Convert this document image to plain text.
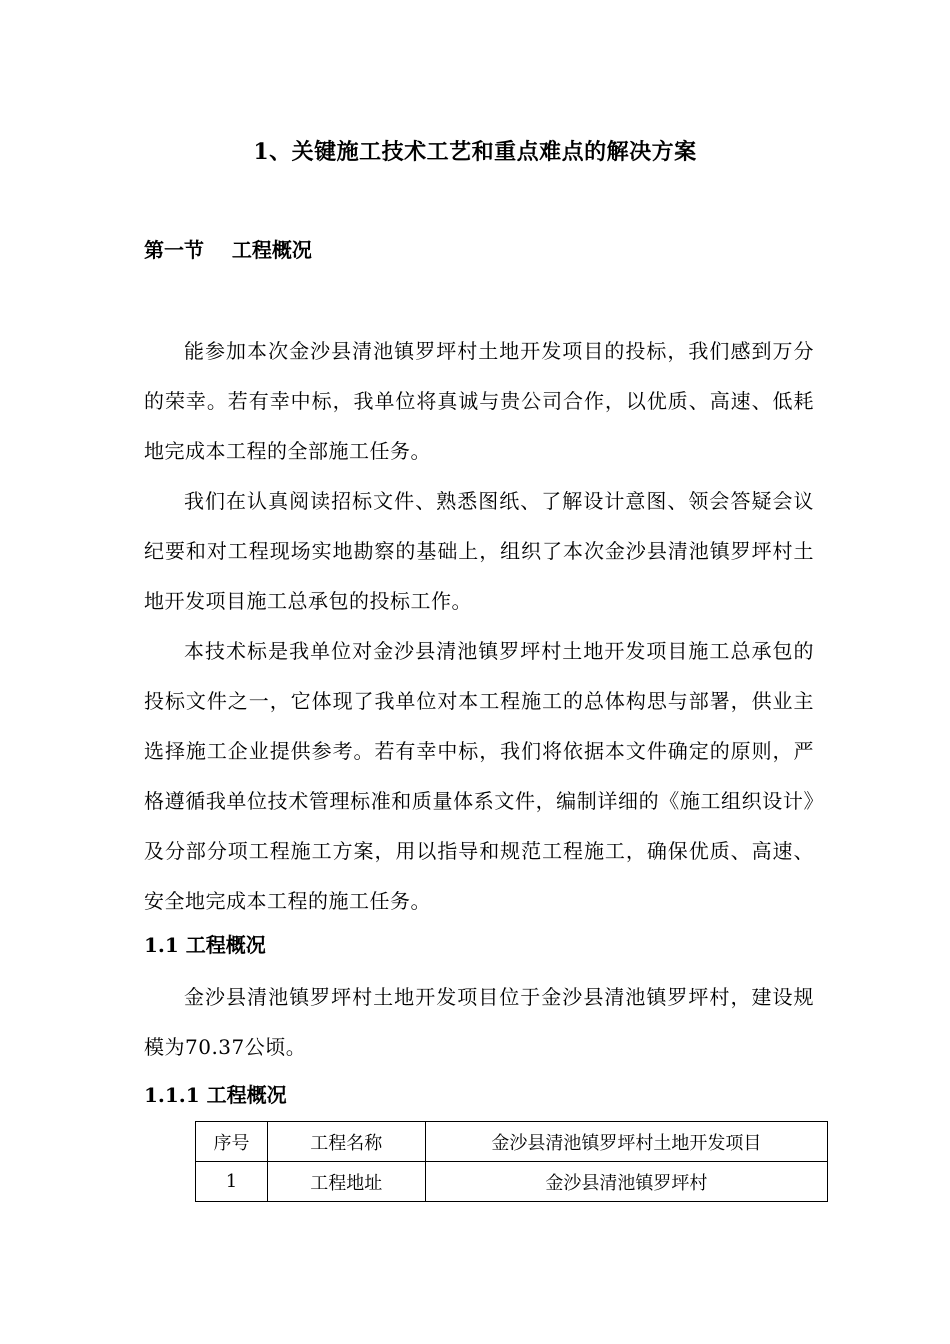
1、关键施工技术工艺和重点难点的解决方案
第一节    工程概况

能参加本次金沙县清池镇罗坪村土地开发项目的投标，我们感到万分的荣幸。若有幸中标，我单位将真诚与贵公司合作，以优质、高速、低耗地完成本工程的全部施工任务。

我们在认真阅读招标文件、熟悉图纸、了解设计意图、领会答疑会议纪要和对工程现场实地勘察的基础上，组织了本次金沙县清池镇罗坪村土地开发项目施工总承包的投标工作。

本技术标是我单位对金沙县清池镇罗坪村土地开发项目施工总承包的投标文件之一，它体现了我单位对本工程施工的总体构思与部署，供业主选择施工企业提供参考。若有幸中标，我们将依据本文件确定的原则，严格遵循我单位技术管理标准和质量体系文件，编制详细的《施工组织设计》及分部分项工程施工方案，用以指导和规范工程施工，确保优质、高速、安全地完成本工程的施工任务。

1.1 工程概况

金沙县清池镇罗坪村土地开发项目位于金沙县清池镇罗坪村，建设规模为70.37公顷。

1.1.1 工程概况
序号	工程名称	金沙县清池镇罗坪村土地开发项目
1	工程地址	金沙县清池镇罗坪村
